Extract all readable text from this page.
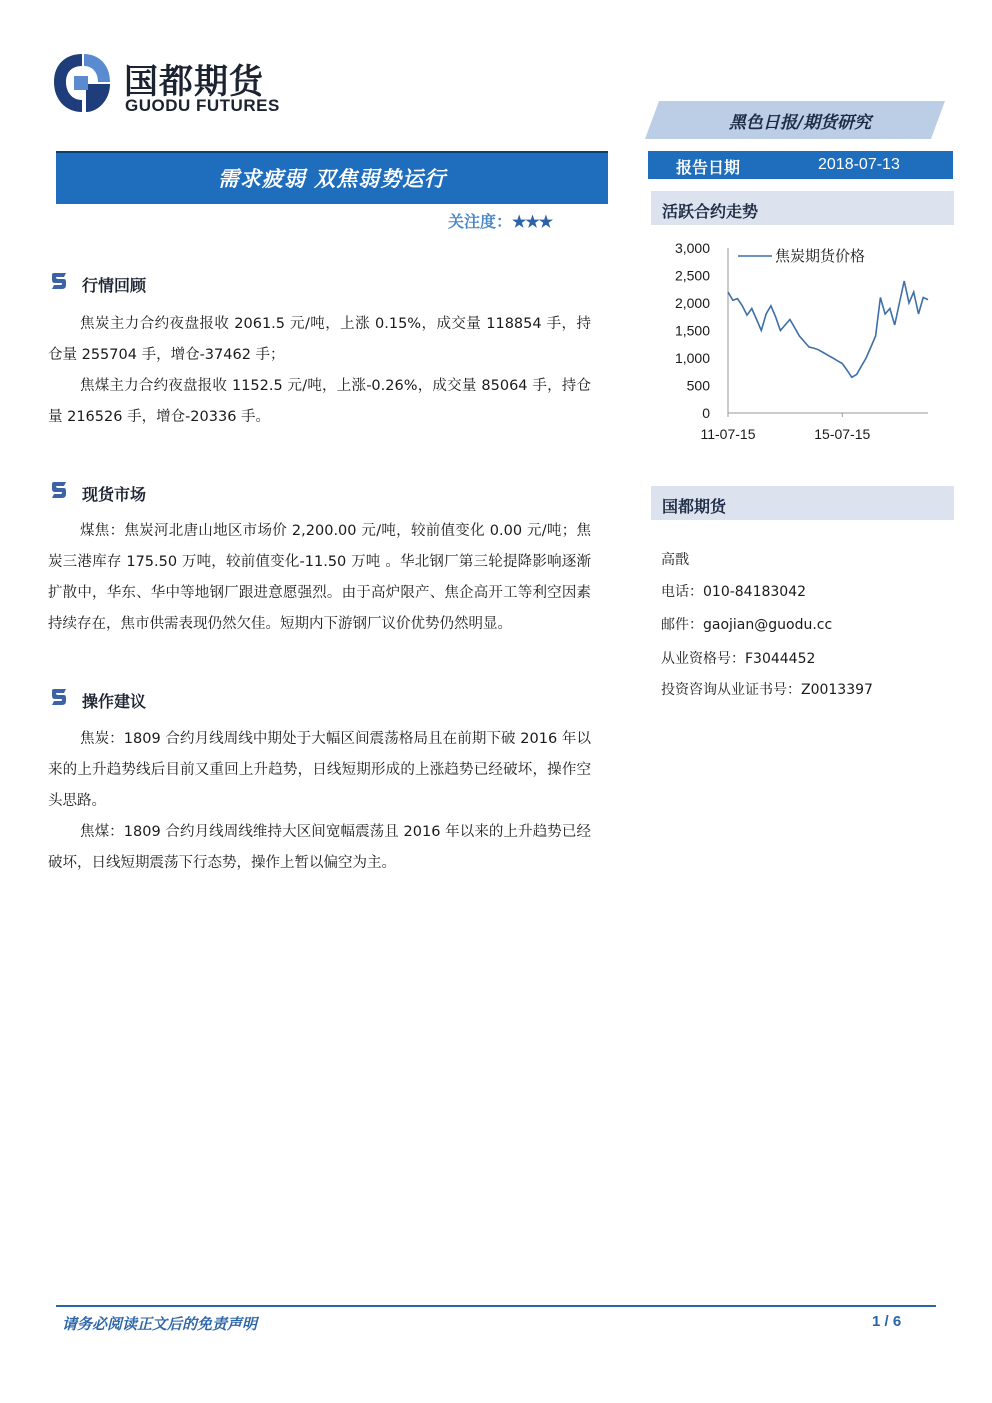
国都期货
GUODU FUTURES
黑色日报/期货研究
需求疲弱 双焦弱势运行
关注度：★★★
报告日期	2018-07-13
行情回顾
焦炭主力合约夜盘报收 2061.5 元/吨，上涨 0.15%，成交量 118854 手，持仓量 255704 手，增仓-37462 手；
焦煤主力合约夜盘报收 1152.5 元/吨，上涨-0.26%，成交量 85064 手，持仓量 216526 手，增仓-20336 手。
现货市场
煤焦：焦炭河北唐山地区市场价 2,200.00 元/吨，较前值变化 0.00 元/吨；焦炭三港库存 175.50 万吨，较前值变化-11.50 万吨 。华北钢厂第三轮提降影响逐渐扩散中，华东、华中等地钢厂跟进意愿强烈。由于高炉限产、焦企高开工等利空因素持续存在，焦市供需表现仍然欠佳。短期内下游钢厂议价优势仍然明显。
操作建议
焦炭：1809 合约月线周线中期处于大幅区间震荡格局且在前期下破 2016 年以来的上升趋势线后目前又重回上升趋势，日线短期形成的上涨趋势已经破坏，操作空头思路。
焦煤：1809 合约月线周线维持大区间宽幅震荡且 2016 年以来的上升趋势已经破坏，日线短期震荡下行态势，操作上暂以偏空为主。
活跃合约走势
3,000
2,500
2,000
1,500
1,000
500
0
11-07-15	15-07-15
焦炭期货价格
国都期货
高戬
电话：010-84183042
邮件：gaojian@guodu.cc
从业资格号：F3044452
投资咨询从业证书号：Z0013397
请务必阅读正文后的免责声明	1 / 6
